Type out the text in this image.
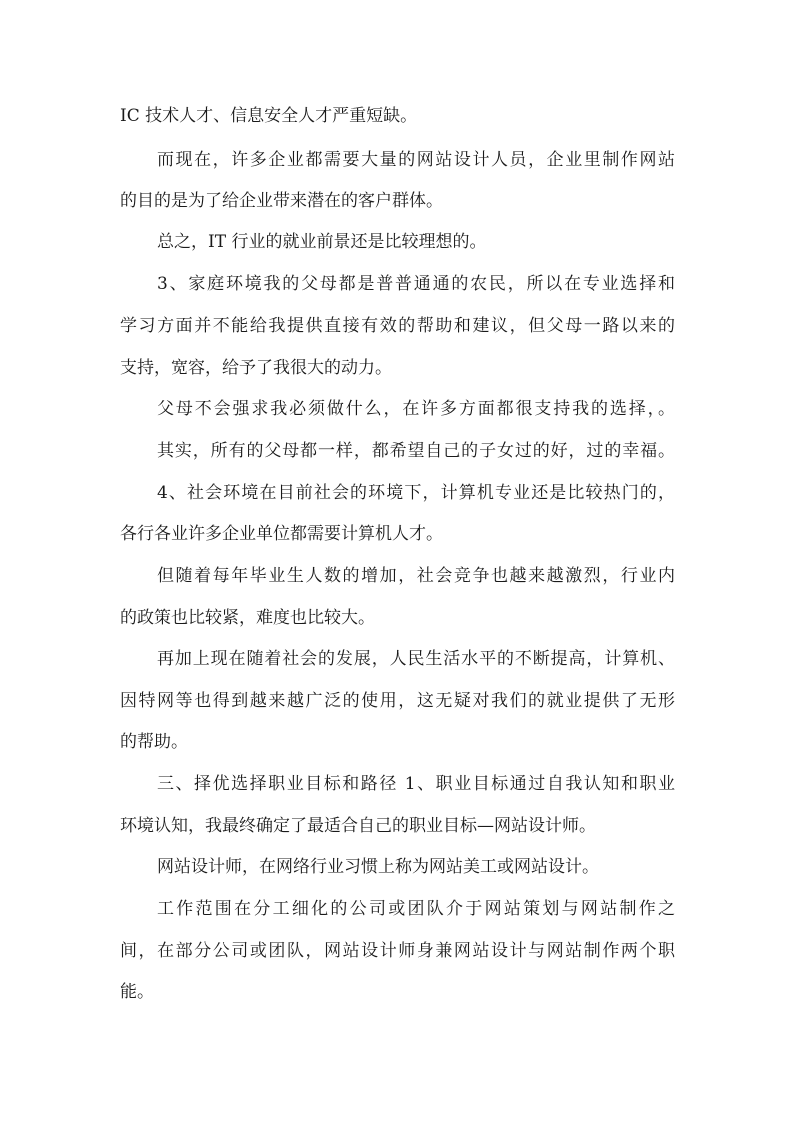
IC 技术人才、信息安全人才严重短缺。

而现在，许多企业都需要大量的网站设计人员，企业里制作网站

的目的是为了给企业带来潜在的客户群体。

总之，IT 行业的就业前景还是比较理想的。

3、家庭环境我的父母都是普普通通的农民，所以在专业选择和

学习方面并不能给我提供直接有效的帮助和建议，但父母一路以来的

支持，宽容，给予了我很大的动力。

父母不会强求我必须做什么，在许多方面都很支持我的选择，。

其实，所有的父母都一样，都希望自己的子女过的好，过的幸福。

4、社会环境在目前社会的环境下，计算机专业还是比较热门的，

各行各业许多企业单位都需要计算机人才。

但随着每年毕业生人数的增加，社会竞争也越来越激烈，行业内

的政策也比较紧，难度也比较大。

再加上现在随着社会的发展，人民生活水平的不断提高，计算机、

因特网等也得到越来越广泛的使用，这无疑对我们的就业提供了无形

的帮助。

三、择优选择职业目标和路径 1、职业目标通过自我认知和职业

环境认知，我最终确定了最适合自己的职业目标—网站设计师。

网站设计师，在网络行业习惯上称为网站美工或网站设计。

工作范围在分工细化的公司或团队介于网站策划与网站制作之

间，在部分公司或团队，网站设计师身兼网站设计与网站制作两个职

能。
